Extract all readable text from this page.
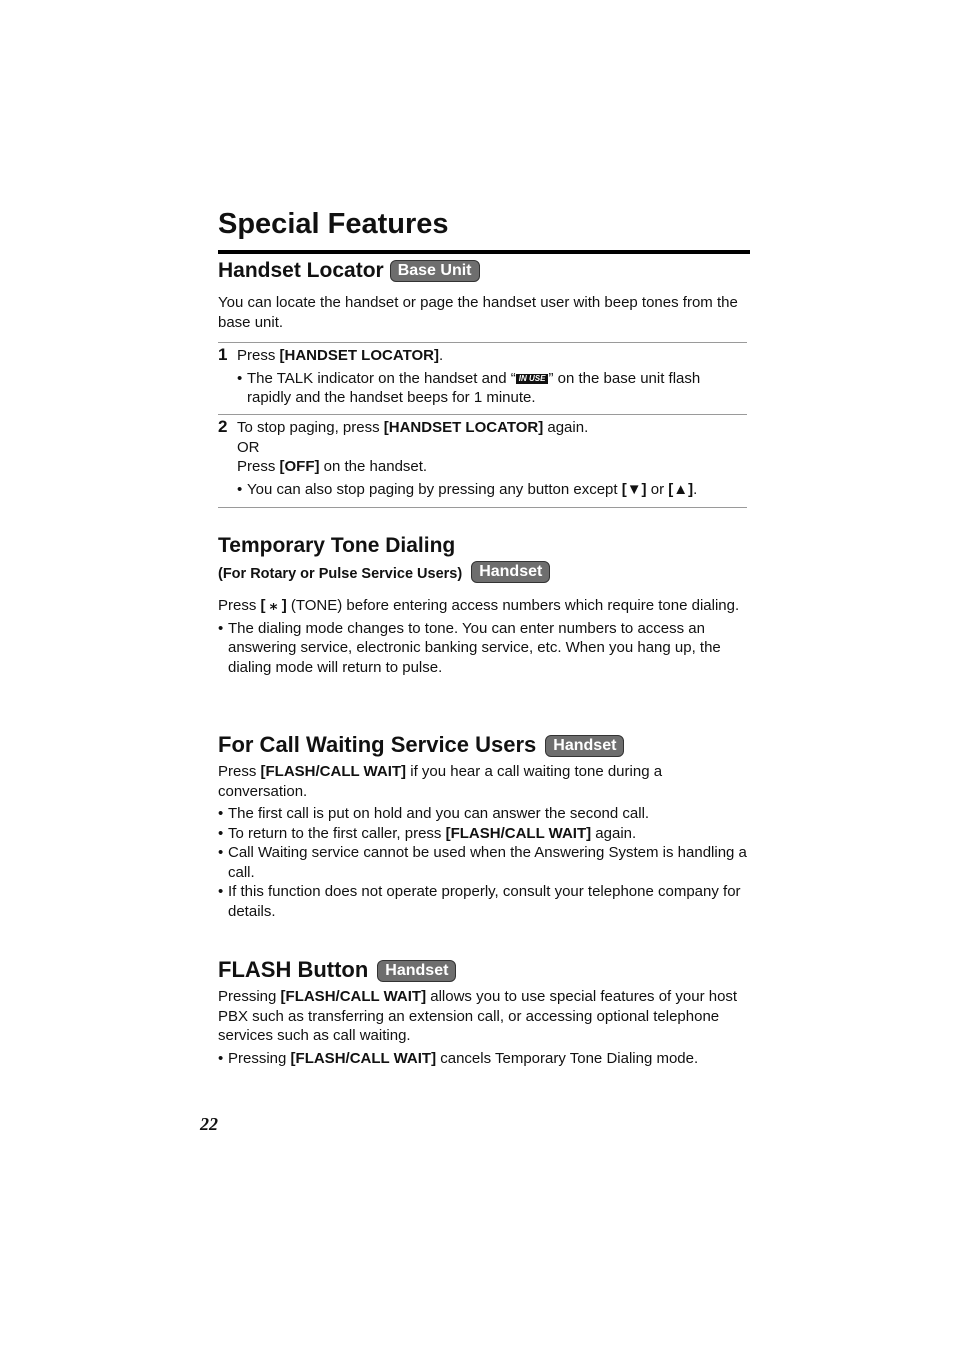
Special Features
Handset Locator Base Unit

You can locate the handset or page the handset user with beep tones from the base unit.

1 Press [HANDSET LOCATOR].
• The TALK indicator on the handset and “ IN USE ” on the base unit flash rapidly and the handset beeps for 1 minute.
2 To stop paging, press [HANDSET LOCATOR] again.
OR
Press [OFF] on the handset.
• You can also stop paging by pressing any button except [▼] or [▲].
Temporary Tone Dialing
(For Rotary or Pulse Service Users) Handset
Press [ ⁎ ] (TONE) before entering access numbers which require tone dialing.
• The dialing mode changes to tone. You can enter numbers to access an answering service, electronic banking service, etc. When you hang up, the dialing mode will return to pulse.
For Call Waiting Service Users Handset
Press [FLASH/CALL WAIT] if you hear a call waiting tone during a conversation.
• The first call is put on hold and you can answer the second call.
• To return to the first caller, press [FLASH/CALL WAIT] again.
• Call Waiting service cannot be used when the Answering System is handling a call.
• If this function does not operate properly, consult your telephone company for details.
FLASH Button Handset
Pressing [FLASH/CALL WAIT] allows you to use special features of your host PBX such as transferring an extension call, or accessing optional telephone services such as call waiting.
• Pressing [FLASH/CALL WAIT] cancels Temporary Tone Dialing mode.
22
